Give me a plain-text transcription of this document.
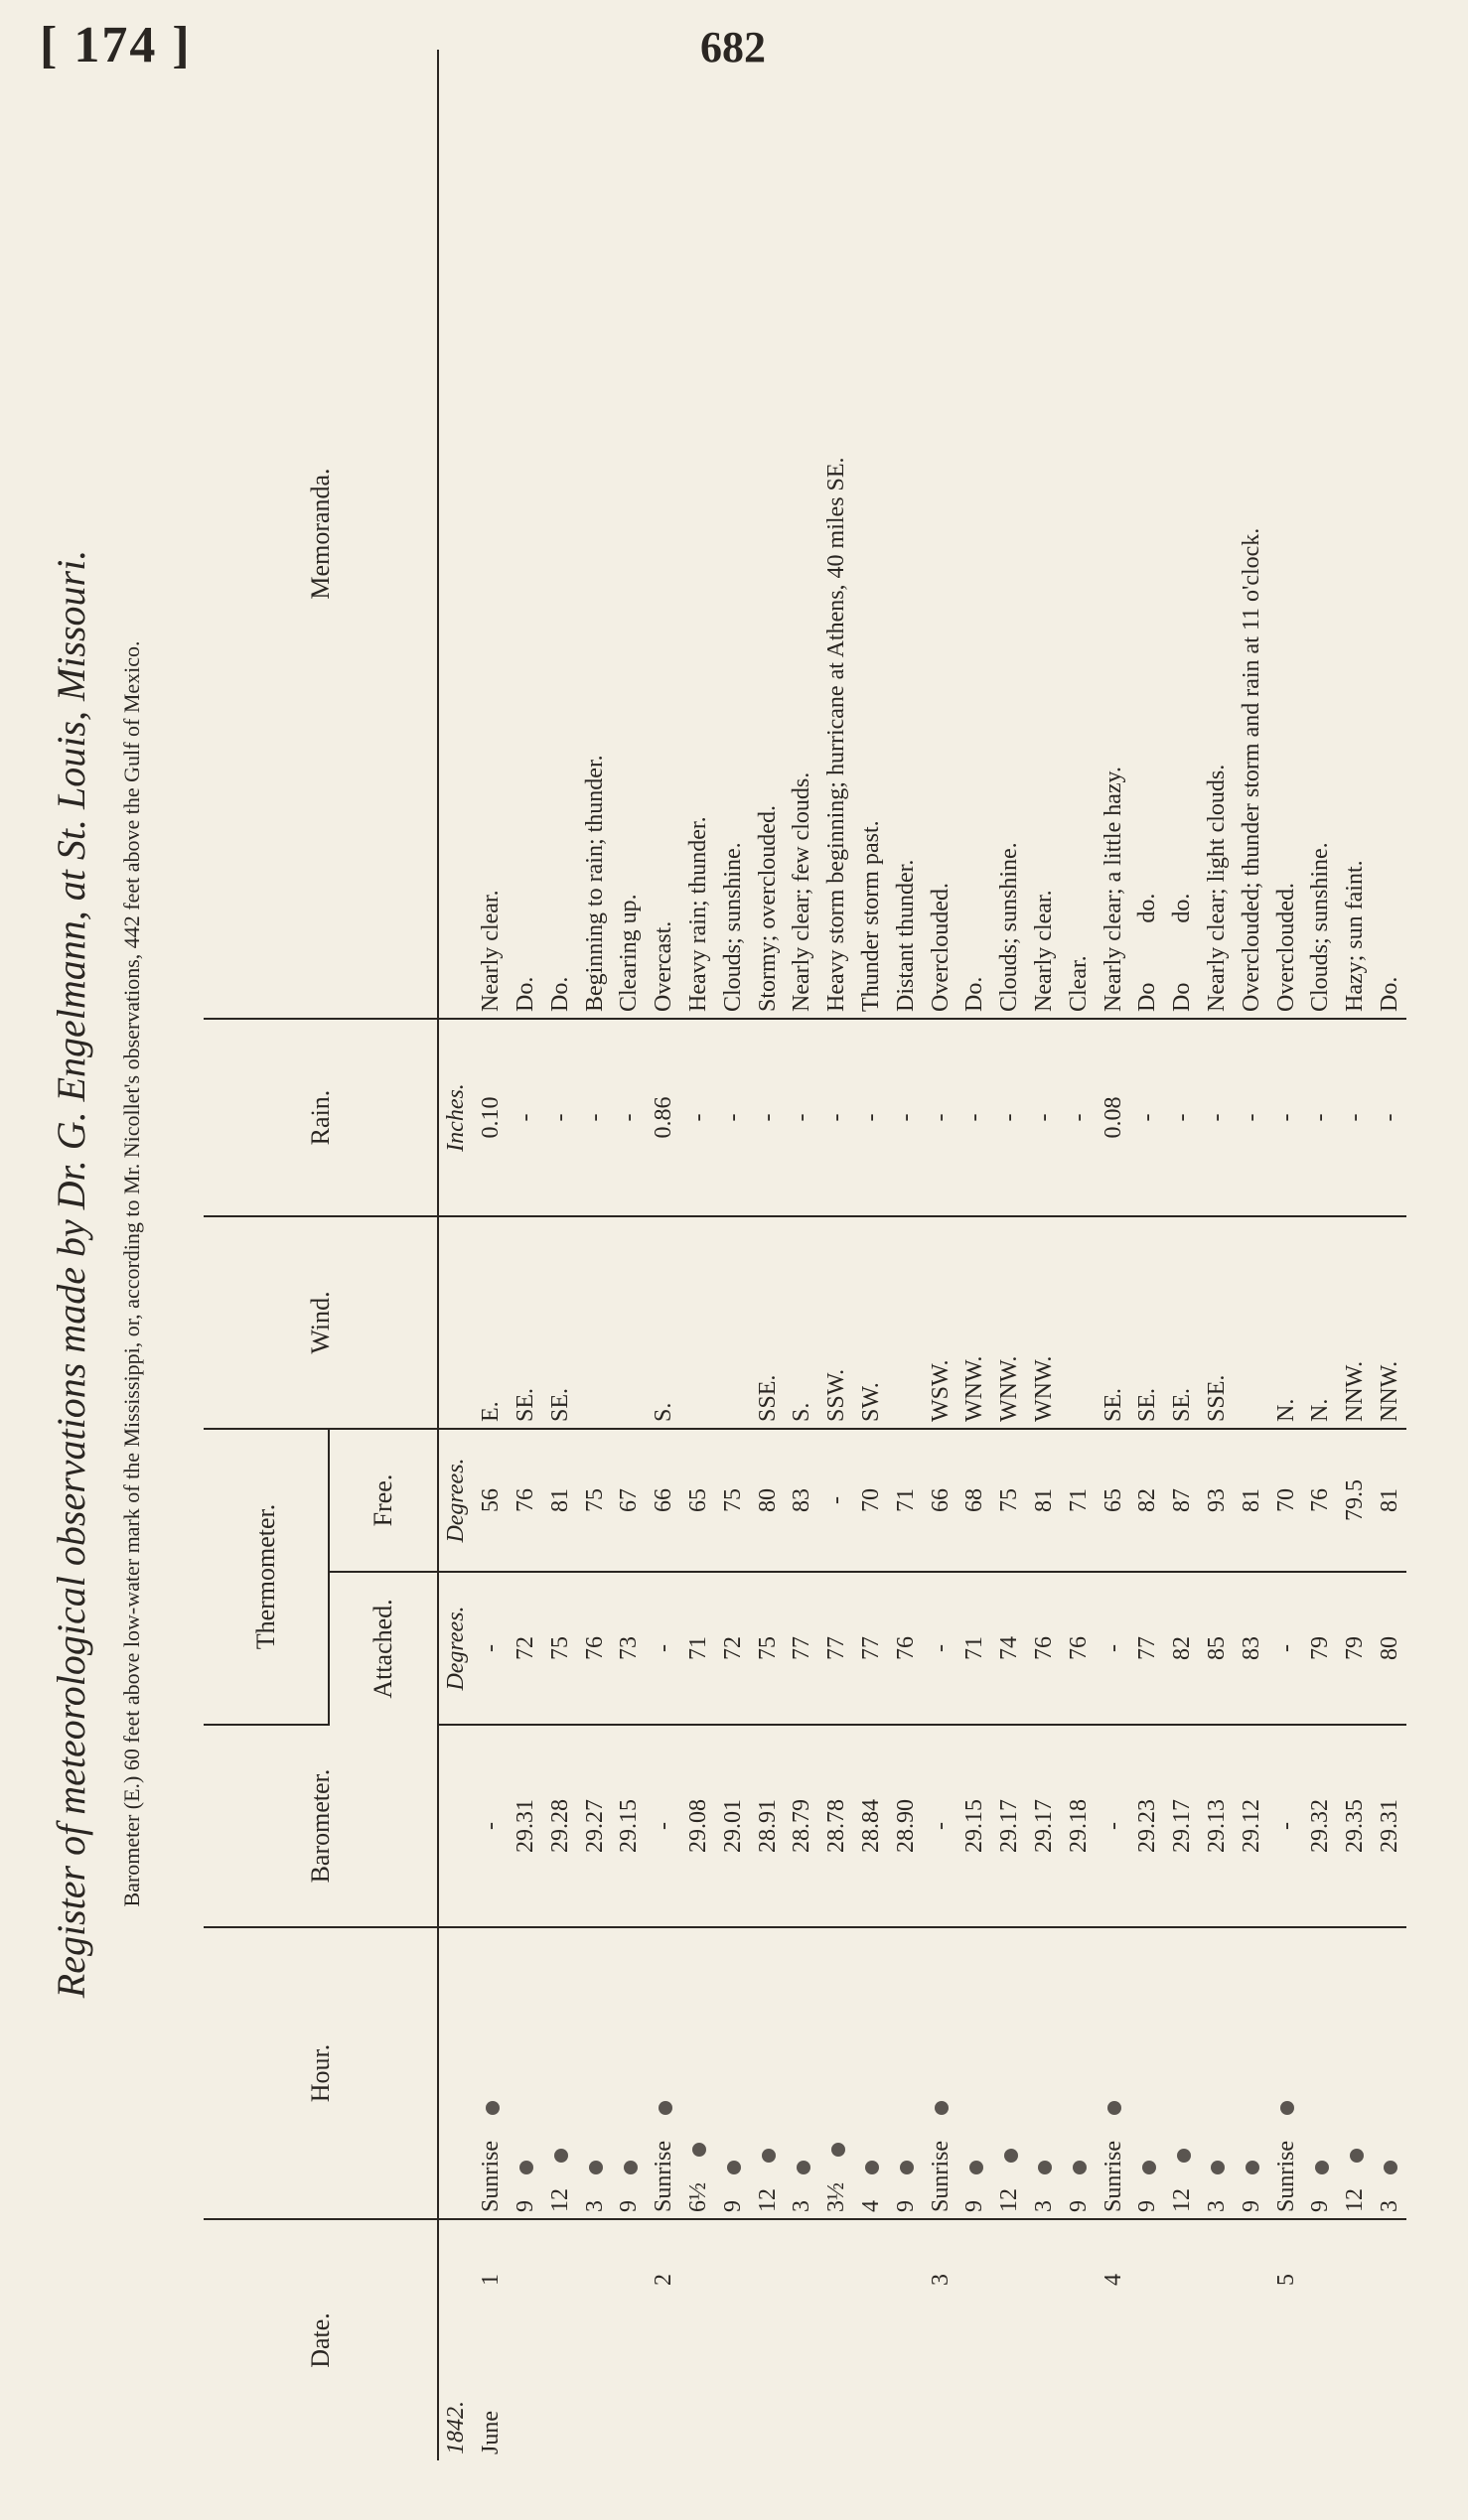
[ 174 ]	682
Register of meteorological observations made by Dr. G. Engelmann, at St. Louis, Missouri. Barometer (E.) 60 feet above low-water mark of the Mississippi, or, according to Mr. Nicollet's observations, 442 feet above the Gulf of Mexico.
Date.	Hour.	Barometer.	Thermometer.		Wind.	Rain.	Memoranda.
			Attached.	Free.			
1842.			Degrees.	Degrees.		Inches.	
June1	Sunrise	-	-	56	E.	0.10	Nearly clear.
	9	29.31	72	76	SE.	-	Do.
	12	29.28	75	81	SE.	-	Do.
	3	29.27	76	75		-	Beginning to rain; thunder.
	9	29.15	73	67		-	Clearing up.
2	Sunrise	-	-	66	S.	0.86	Overcast.
	6½	29.08	71	65		-	Heavy rain; thunder.
	9	29.01	72	75		-	Clouds; sunshine.
	12	28.91	75	80	SSE.	-	Stormy; overclouded.
	3	28.79	77	83	S.	-	Nearly clear; few clouds.
	3½	28.78	77	-	SSW.	-	Heavy storm beginning; hurricane at Athens, 40 miles SE.
	4	28.84	77	70	SW.	-	Thunder storm past.
	9	28.90	76	71		-	Distant thunder.
3	Sunrise	-	-	66	WSW.	-	Overclouded.
	9	29.15	71	68	WNW.	-	Do.
	12	29.17	74	75	WNW.	-	Clouds; sunshine.
	3	29.17	76	81	WNW.	-	Nearly clear.
	9	29.18	76	71		-	Clear.
4	Sunrise	-	-	65	SE.	0.08	Nearly clear; a little hazy.
	9	29.23	77	82	SE.	-	Do          do.
	12	29.17	82	87	SE.	-	Do          do.
	3	29.13	85	93	SSE.	-	Nearly clear; light clouds.
	9	29.12	83	81		-	Overclouded; thunder storm and rain at 11 o'clock.
5	Sunrise	-	-	70	N.	-	Overclouded.
	9	29.32	79	76	N.	-	Clouds; sunshine.
	12	29.35	79	79.5	NNW.	-	Hazy; sun faint.
	3	29.31	80	81	NNW.	-	Do.
